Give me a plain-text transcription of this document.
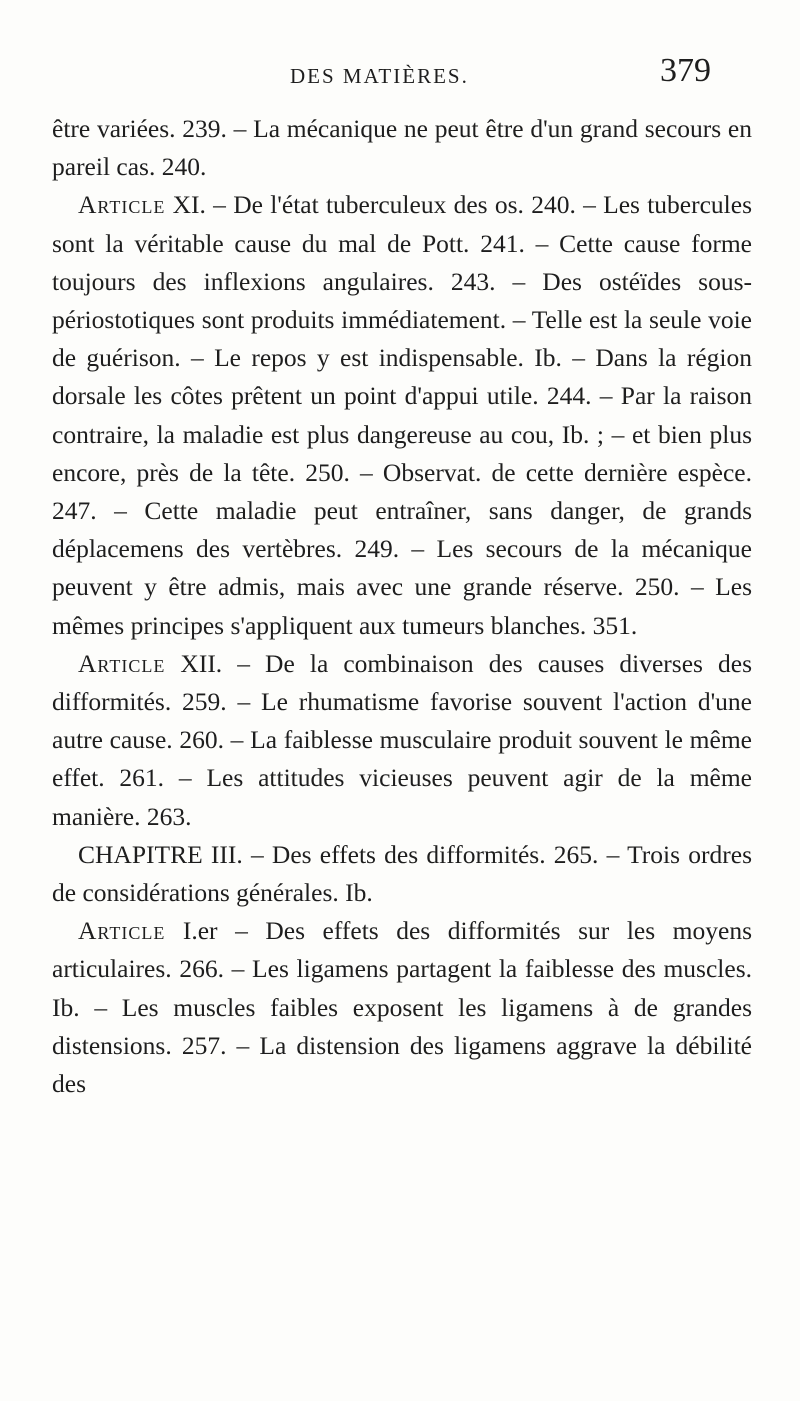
DES MATIÈRES.	379

être variées. 239. – La mécanique ne peut être d'un grand secours en pareil cas. 240.

Article XI. – De l'état tuberculeux des os. 240. – Les tubercules sont la véritable cause du mal de Pott. 241. – Cette cause forme toujours des inflexions angulaires. 243. – Des ostéïdes sous-périostotiques sont produits immédiatement. – Telle est la seule voie de guérison. – Le repos y est indispensable. Ib. – Dans la région dorsale les côtes prêtent un point d'appui utile. 244. – Par la raison contraire, la maladie est plus dangereuse au cou, Ib. ; – et bien plus encore, près de la tête. 250. – Observat. de cette dernière espèce. 247. – Cette maladie peut entraîner, sans danger, de grands déplacemens des vertèbres. 249. – Les secours de la mécanique peuvent y être admis, mais avec une grande réserve. 250. – Les mêmes principes s'appliquent aux tumeurs blanches. 351.

Article XII. – De la combinaison des causes diverses des difformités. 259. – Le rhumatisme favorise souvent l'action d'une autre cause. 260. – La faiblesse musculaire produit souvent le même effet. 261. – Les attitudes vicieuses peuvent agir de la même manière. 263.

CHAPITRE III. – Des effets des difformités. 265. – Trois ordres de considérations générales. Ib.

Article I.er – Des effets des difformités sur les moyens articulaires. 266. – Les ligamens partagent la faiblesse des muscles. Ib. – Les muscles faibles exposent les ligamens à de grandes distensions. 257. – La distension des ligamens aggrave la débilité des
